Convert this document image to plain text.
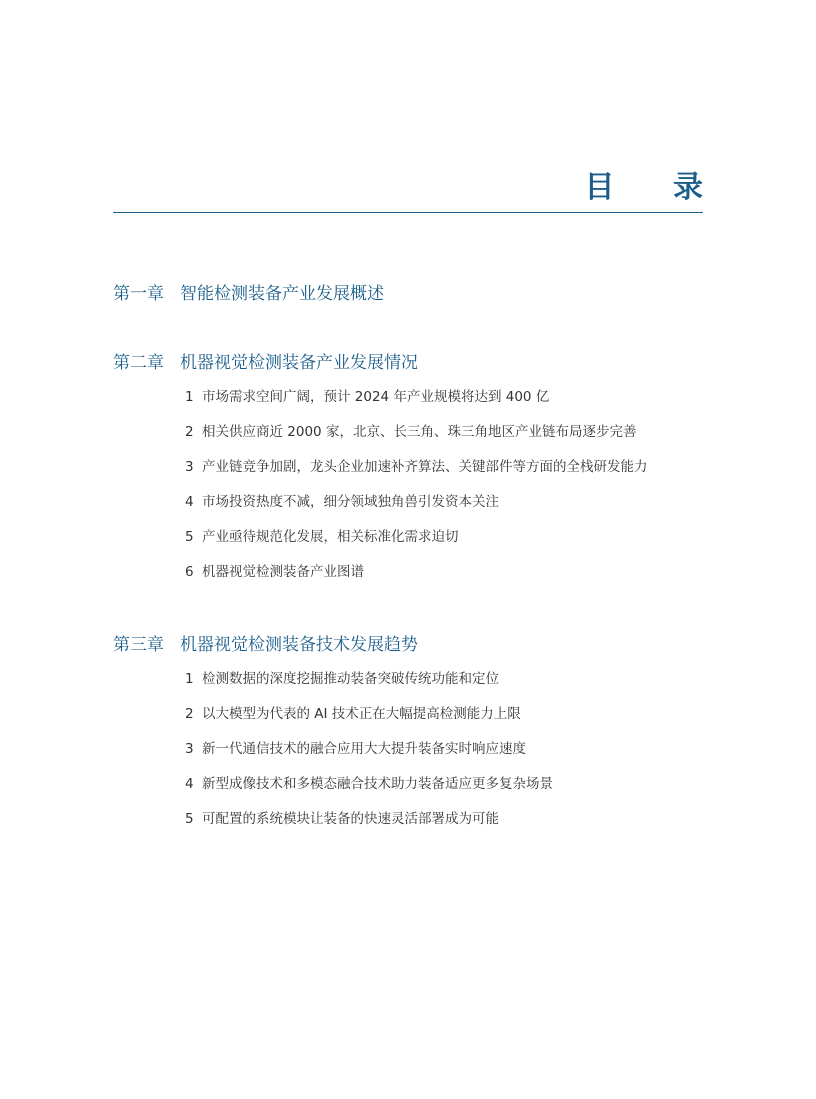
目 录
第一章 智能检测装备产业发展概述
第二章 机器视觉检测装备产业发展情况
1 市场需求空间广阔，预计 2024 年产业规模将达到 400 亿
2 相关供应商近 2000 家，北京、长三角、珠三角地区产业链布局逐步完善
3 产业链竞争加剧，龙头企业加速补齐算法、关键部件等方面的全栈研发能力
4 市场投资热度不减，细分领域独角兽引发资本关注
5 产业亟待规范化发展，相关标准化需求迫切
6 机器视觉检测装备产业图谱
第三章 机器视觉检测装备技术发展趋势
1 检测数据的深度挖掘推动装备突破传统功能和定位
2 以大模型为代表的 AI 技术正在大幅提高检测能力上限
3 新一代通信技术的融合应用大大提升装备实时响应速度
4 新型成像技术和多模态融合技术助力装备适应更多复杂场景
5 可配置的系统模块让装备的快速灵活部署成为可能
